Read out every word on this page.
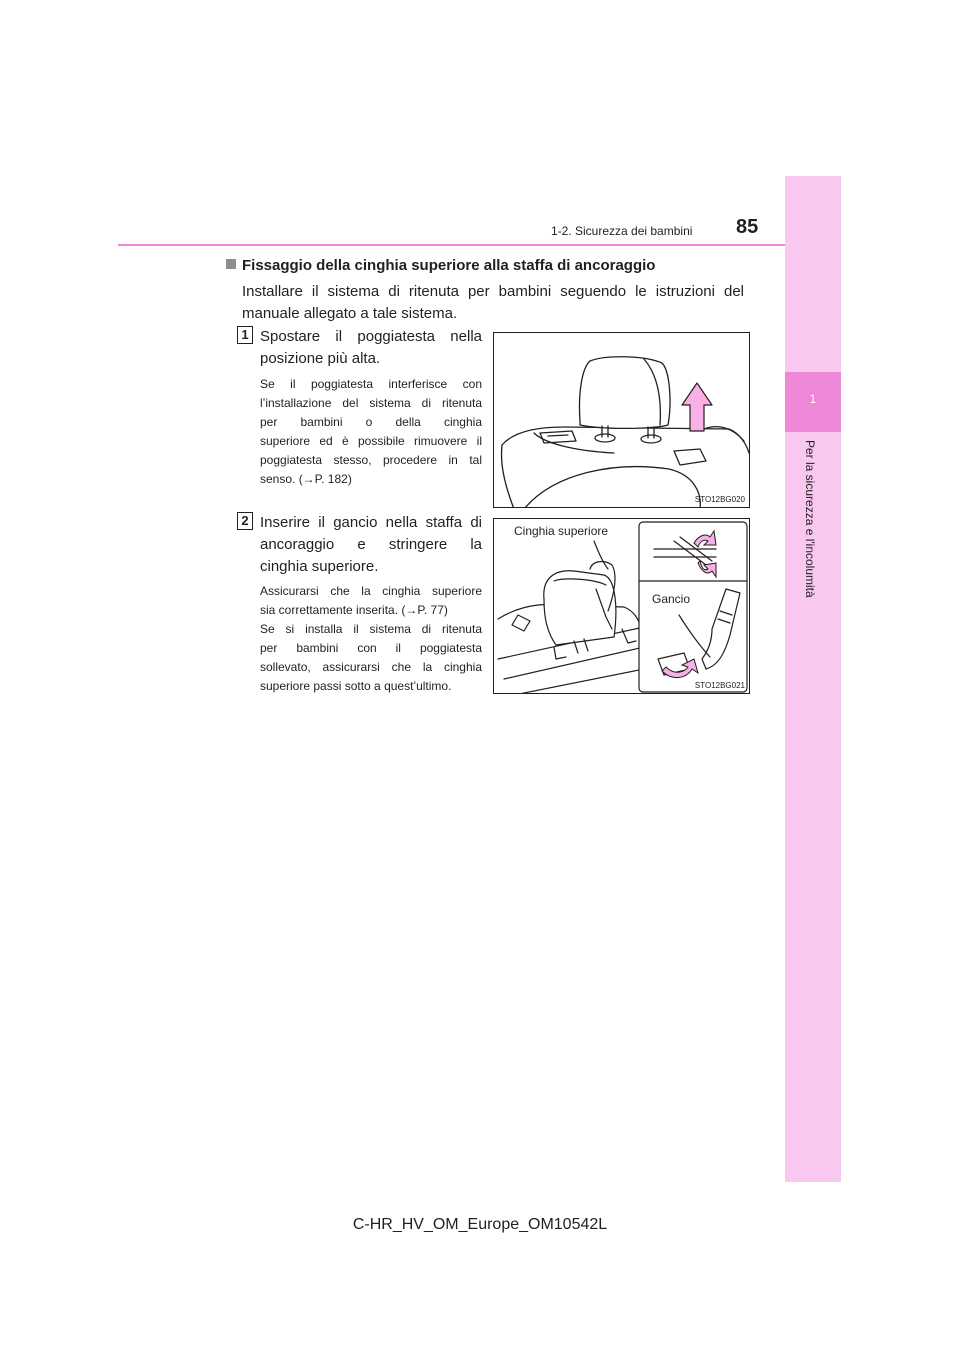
1
Per la sicurezza e l'incolumità
1-2. Sicurezza dei bambini 85
Fissaggio della cinghia superiore alla staffa di ancoraggio
Installare il sistema di ritenuta per bambini seguendo le istruzioni del manuale allegato a tale sistema.
1 Spostare il poggiatesta nella
posizione più alta.
Se il poggiatesta interferisce con
l’installazione del sistema di ritenuta
per bambini o della cinghia
superiore ed è possibile rimuovere il
poggiatesta stesso, procedere in tal
senso. (→P. 182)
STO12BG020
2 Inserire il gancio nella staffa di
ancoraggio e stringere la
cinghia superiore.
Assicurarsi che la cinghia superiore
sia correttamente inserita. (→P. 77)
Se si installa il sistema di ritenuta
per bambini con il poggiatesta
sollevato, assicurarsi che la cinghia
superiore passi sotto a quest’ultimo.
Cinghia superiore
Gancio
STO12BG021
C-HR_HV_OM_Europe_OM10542L
